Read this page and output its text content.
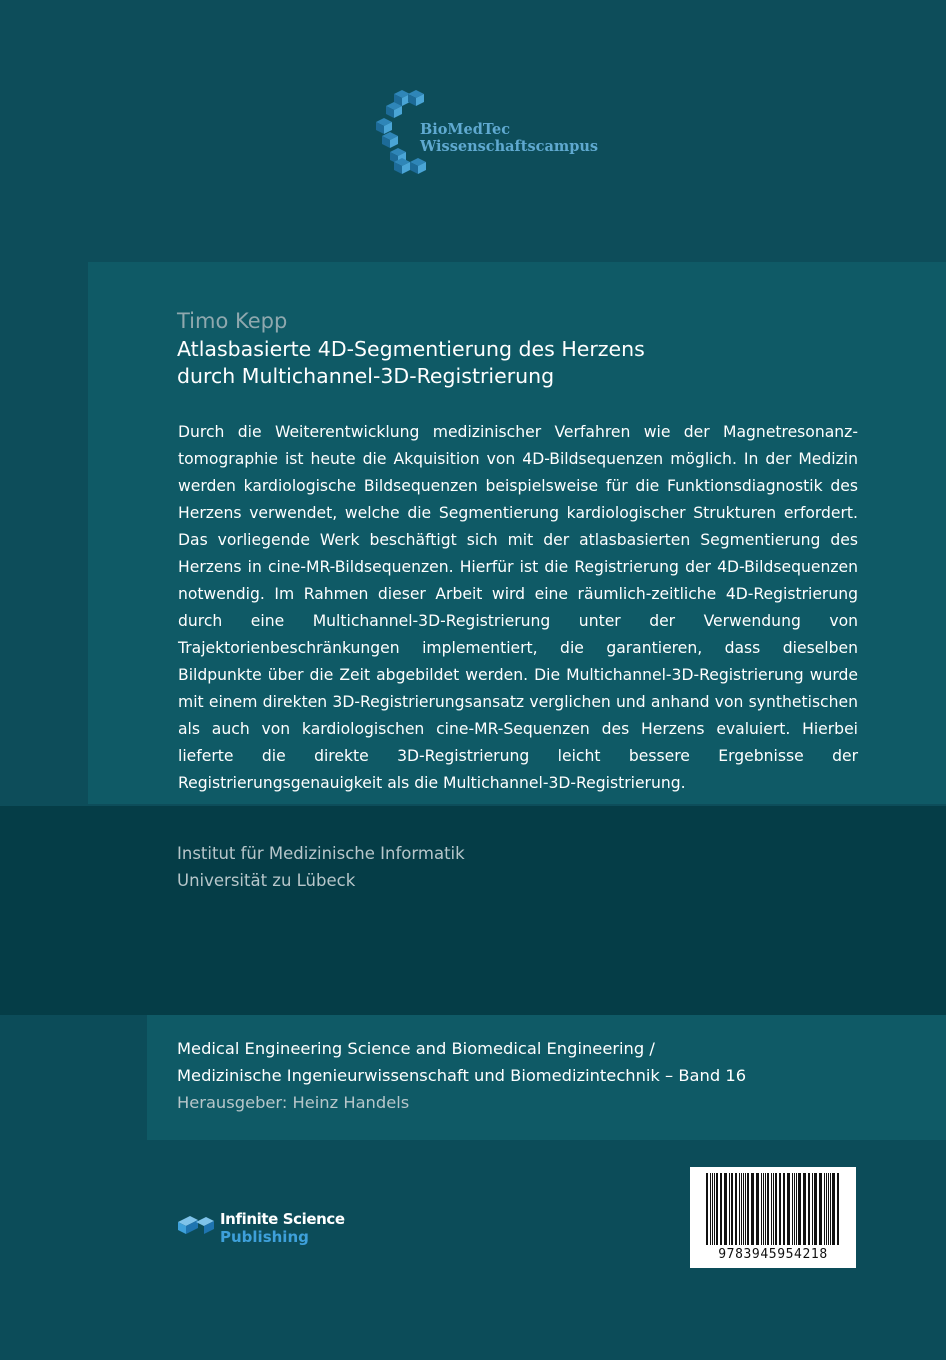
BioMedTec
Wissenschaftscampus
Timo Kepp
Atlasbasierte 4D-Segmentierung des Herzens
durch Multichannel-3D-Registrierung
Durch die Weiterentwicklung medizinischer Verfahren wie der Magnetresonanztomographie ist heute die Akquisition von 4D-Bildsequenzen möglich. In der Medizin werden kardiologische Bildsequenzen beispielsweise für die Funktionsdiagnostik des Herzens verwendet, welche die Segmentierung kardiologischer Strukturen erfordert. Das vorliegende Werk beschäftigt sich mit der atlasbasierten Segmentierung des Herzens in cine-MR-Bildsequenzen. Hierfür ist die Registrierung der 4D-Bildsequenzen notwendig. Im Rahmen dieser Arbeit wird eine räumlich-zeitliche 4D-Registrierung durch eine Multichannel-3D-Registrierung unter der Verwendung von Trajektorienbeschränkungen implementiert, die garantieren, dass dieselben Bildpunkte über die Zeit abgebildet werden. Die Multichannel-3D-Registrierung wurde mit einem direkten 3D-Registrierungsansatz verglichen und anhand von synthetischen als auch von kardiologischen cine-MR-Sequenzen des Herzens evaluiert. Hierbei lieferte die direkte 3D-Registrierung leicht bessere Ergebnisse der Registrierungsgenauigkeit als die Multichannel-3D-Registrierung.
Institut für Medizinische Informatik
Universität zu Lübeck
Medical Engineering Science and Biomedical Engineering /
Medizinische Ingenieurwissenschaft und Biomedizintechnik – Band 16
Herausgeber: Heinz Handels
Infinite Science
Publishing
9783945954218
